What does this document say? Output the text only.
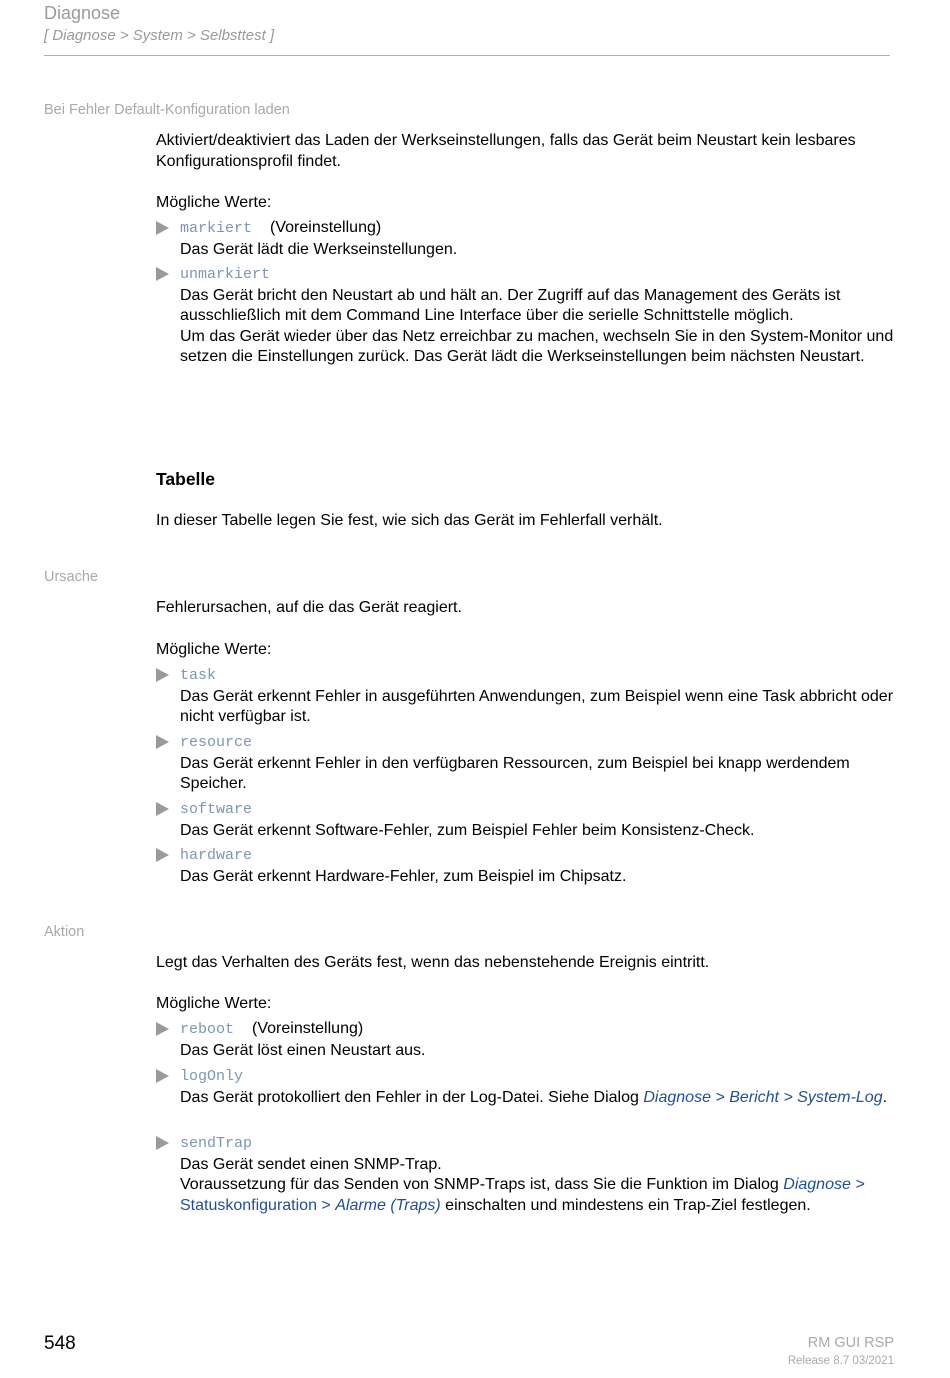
Diagnose
[ Diagnose > System > Selbsttest ]
Bei Fehler Default-Konfiguration laden
Aktiviert/deaktiviert das Laden der Werkseinstellungen, falls das Gerät beim Neustart kein lesbares Konfigurationsprofil findet.
Mögliche Werte:
markiert (Voreinstellung)
Das Gerät lädt die Werkseinstellungen.
unmarkiert
Das Gerät bricht den Neustart ab und hält an. Der Zugriff auf das Management des Geräts ist ausschließlich mit dem Command Line Interface über die serielle Schnittstelle möglich.
Um das Gerät wieder über das Netz erreichbar zu machen, wechseln Sie in den System-Monitor und setzen die Einstellungen zurück. Das Gerät lädt die Werkseinstellungen beim nächsten Neustart.
Tabelle
In dieser Tabelle legen Sie fest, wie sich das Gerät im Fehlerfall verhält.
Ursache
Fehlerursachen, auf die das Gerät reagiert.
Mögliche Werte:
task
Das Gerät erkennt Fehler in ausgeführten Anwendungen, zum Beispiel wenn eine Task abbricht oder nicht verfügbar ist.
resource
Das Gerät erkennt Fehler in den verfügbaren Ressourcen, zum Beispiel bei knapp werdendem Speicher.
software
Das Gerät erkennt Software-Fehler, zum Beispiel Fehler beim Konsistenz-Check.
hardware
Das Gerät erkennt Hardware-Fehler, zum Beispiel im Chipsatz.
Aktion
Legt das Verhalten des Geräts fest, wenn das nebenstehende Ereignis eintritt.
Mögliche Werte:
reboot (Voreinstellung)
Das Gerät löst einen Neustart aus.
logOnly
Das Gerät protokolliert den Fehler in der Log-Datei. Siehe Dialog Diagnose > Bericht > System-Log.
sendTrap
Das Gerät sendet einen SNMP-Trap.
Voraussetzung für das Senden von SNMP-Traps ist, dass Sie die Funktion im Dialog Diagnose > Statuskonfiguration > Alarme (Traps) einschalten und mindestens ein Trap-Ziel festlegen.
548	RM GUI RSP
Release 8.7 03/2021
